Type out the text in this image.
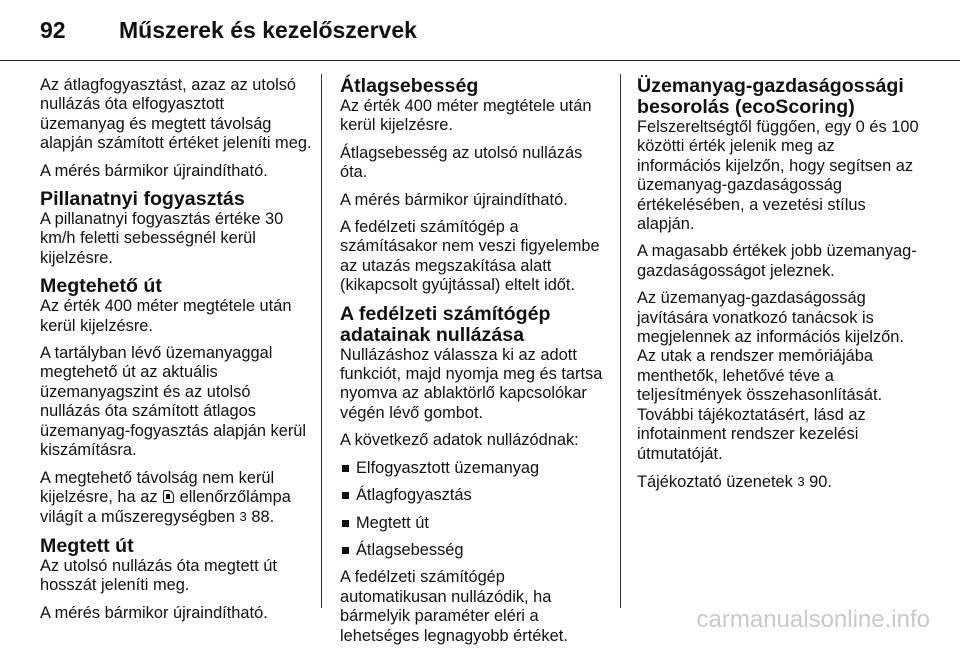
92 Műszerek és kezelőszervek

Az átlagfogyasztást, azaz az utolsó nullázás óta elfogyasztott üzemanyag és megtett távolság alapján számított értéket jeleníti meg.

A mérés bármikor újraindítható.

Pillanatnyi fogyasztás

A pillanatnyi fogyasztás értéke 30 km/h feletti sebességnél kerül kijelzésre.

Megtehető út

Az érték 400 méter megtétele után kerül kijelzésre.

A tartályban lévő üzemanyaggal megtehető út az aktuális üzemanyagszint és az utolsó nullázás óta számított átlagos üzemanyag-fogyasztás alapján kerül kiszámításra.

A megtehető távolság nem kerül kijelzésre, ha az ellenőrzőlámpa világít a műszeregységben 3 88.

Megtett út

Az utolsó nullázás óta megtett út hosszát jeleníti meg.

A mérés bármikor újraindítható.

Átlagsebesség

Az érték 400 méter megtétele után kerül kijelzésre.

Átlagsebesség az utolsó nullázás óta.

A mérés bármikor újraindítható.

A fedélzeti számítógép a számításakor nem veszi figyelembe az utazás megszakítása alatt (kikapcsolt gyújtással) eltelt időt.

A fedélzeti számítógép adatainak nullázása

Nullázáshoz válassza ki az adott funkciót, majd nyomja meg és tartsa nyomva az ablaktörlő kapcsolókar végén lévő gombot.

A következő adatok nullázódnak:

Elfogyasztott üzemanyag
Átlagfogyasztás
Megtett út
Átlagsebesség

A fedélzeti számítógép automatikusan nullázódik, ha bármelyik paraméter eléri a lehetséges legnagyobb értéket.

Üzemanyag-gazdaságossági besorolás (ecoScoring)

Felszereltségtől függően, egy 0 és 100 közötti érték jelenik meg az információs kijelzőn, hogy segítsen az üzemanyag-gazdaságosság értékelésében, a vezetési stílus alapján.

A magasabb értékek jobb üzemanyag-gazdaságosságot jeleznek.

Az üzemanyag-gazdaságosság javítására vonatkozó tanácsok is megjelennek az információs kijelzőn. Az utak a rendszer memóriájába menthetők, lehetővé téve a teljesítmények összehasonlítását. További tájékoztatásért, lásd az infotainment rendszer kezelési útmutatóját.

Tájékoztató üzenetek 3 90.

carmanualsonline.info
